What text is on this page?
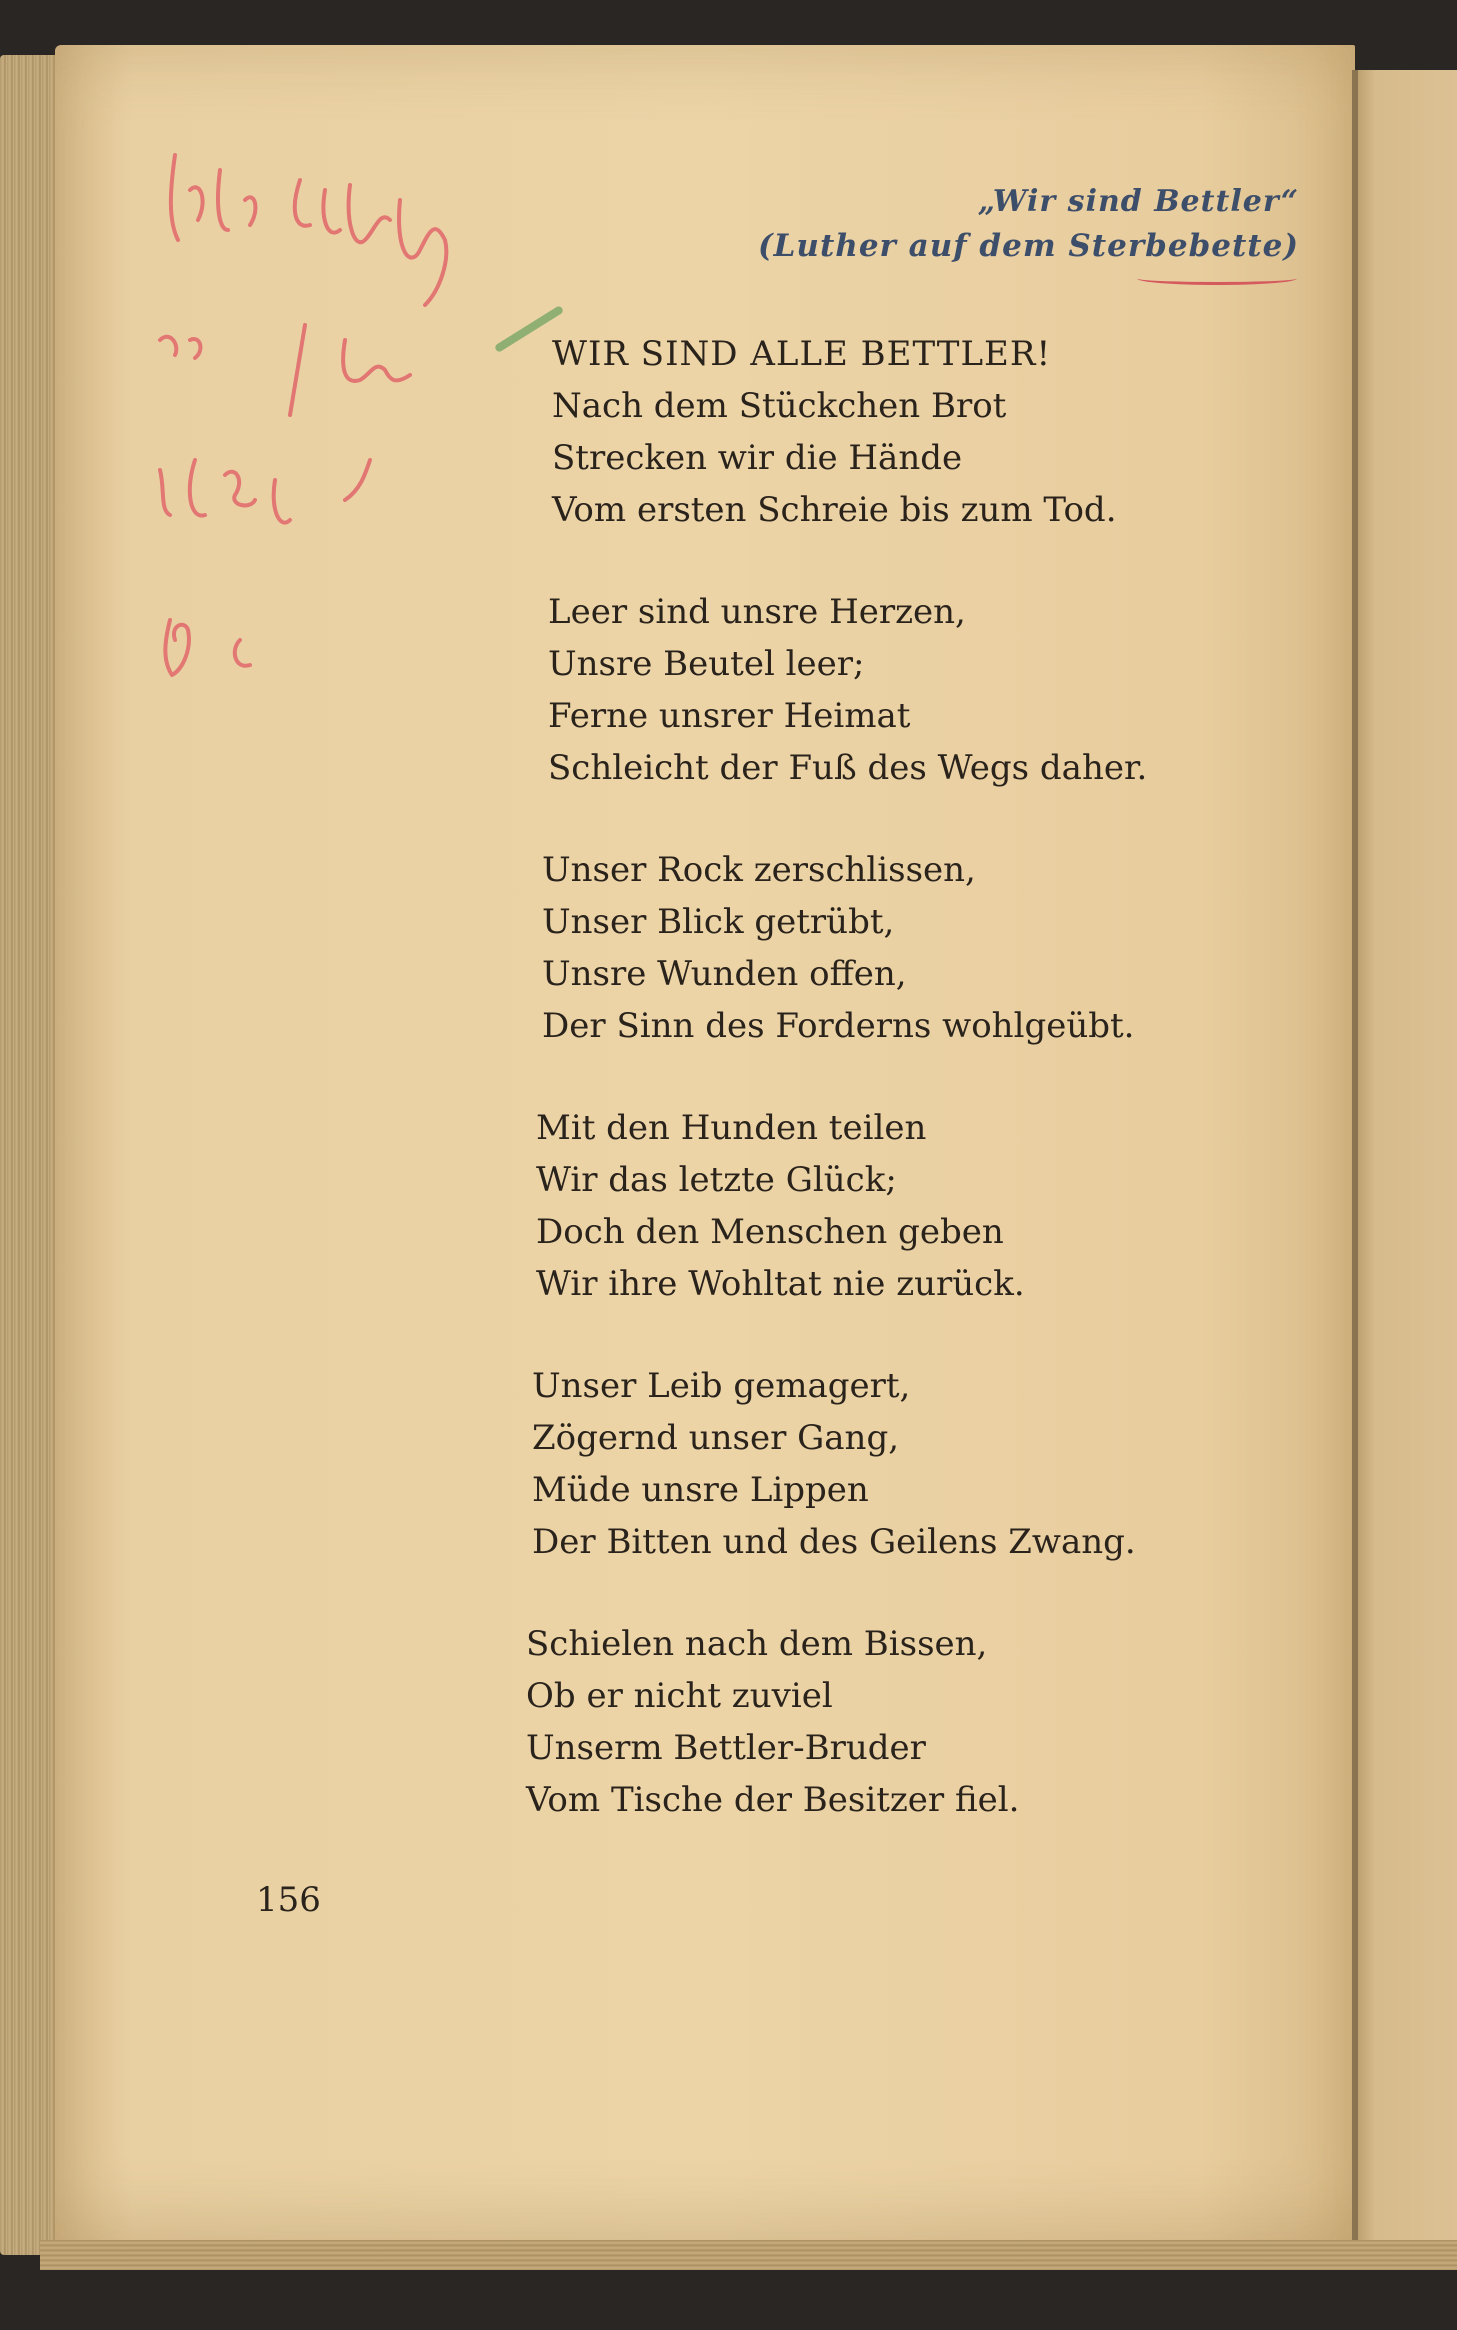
„Wir sind Bettler“
(Luther auf dem Sterbebette)
WIR SIND ALLE BETTLER!
Nach dem Stückchen Brot
Strecken wir die Hände
Vom ersten Schreie bis zum Tod.
Leer sind unsre Herzen,
Unsre Beutel leer;
Ferne unsrer Heimat
Schleicht der Fuß des Wegs daher.
Unser Rock zerschlissen,
Unser Blick getrübt,
Unsre Wunden offen,
Der Sinn des Forderns wohlgeübt.
Mit den Hunden teilen
Wir das letzte Glück;
Doch den Menschen geben
Wir ihre Wohltat nie zurück.
Unser Leib gemagert,
Zögernd unser Gang,
Müde unsre Lippen
Der Bitten und des Geilens Zwang.
Schielen nach dem Bissen,
Ob er nicht zuviel
Unserm Bettler-Bruder
Vom Tische der Besitzer fiel.
156
